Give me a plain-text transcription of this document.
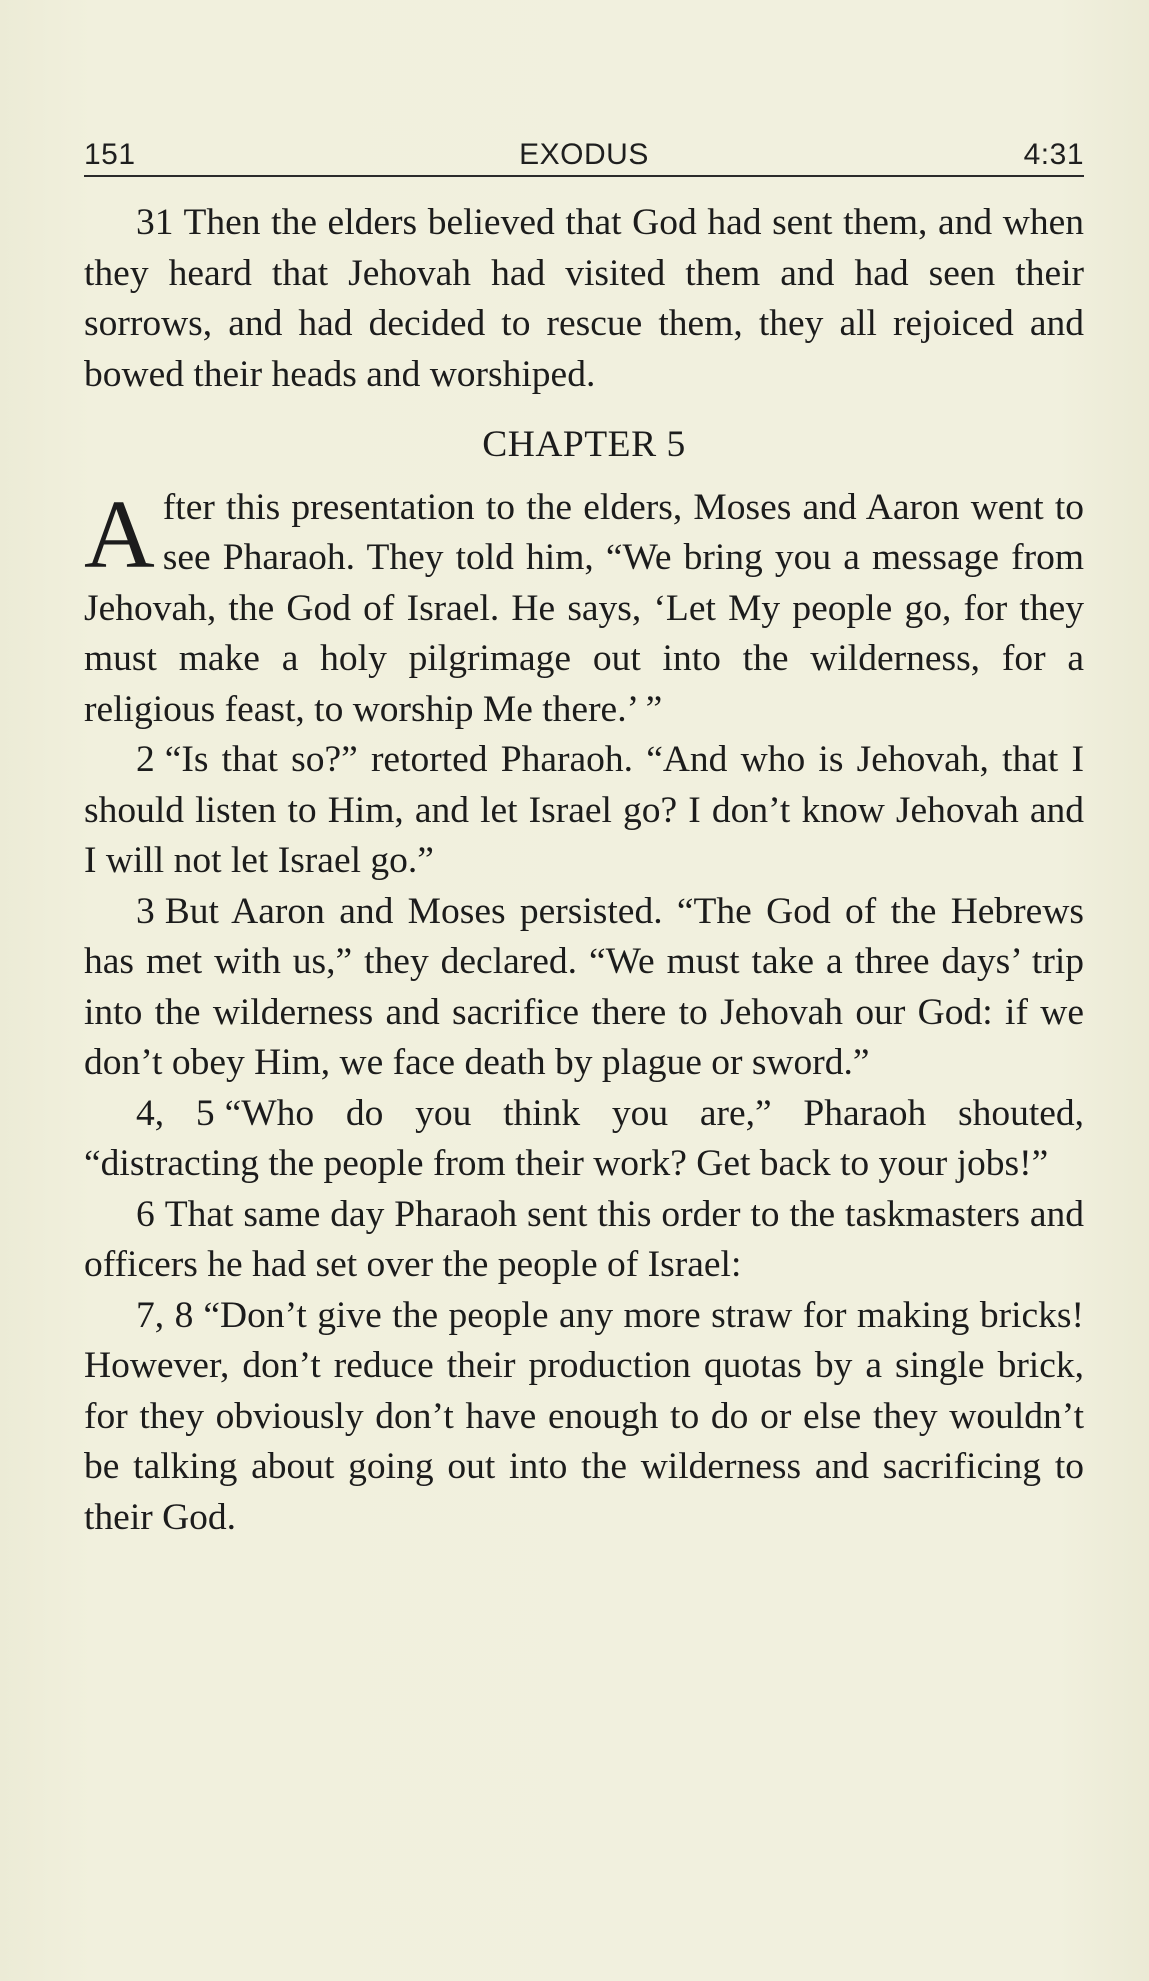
151	EXODUS	4:31

31 Then the elders believed that God had sent them, and when they heard that Jehovah had visited them and had seen their sorrows, and had decided to rescue them, they all rejoiced and bowed their heads and worshiped.

CHAPTER 5

After this presentation to the elders, Moses and Aaron went to see Pharaoh. They told him, “We bring you a message from Jehovah, the God of Israel. He says, ‘Let My people go, for they must make a holy pilgrimage out into the wilderness, for a religious feast, to worship Me there.’ ”

2 “Is that so?” retorted Pharaoh. “And who is Jehovah, that I should listen to Him, and let Israel go? I don’t know Jehovah and I will not let Israel go.”

3 But Aaron and Moses persisted. “The God of the Hebrews has met with us,” they declared. “We must take a three days’ trip into the wilderness and sacrifice there to Jehovah our God: if we don’t obey Him, we face death by plague or sword.”

4, 5 “Who do you think you are,” Pharaoh shouted, “distracting the people from their work? Get back to your jobs!”

6 That same day Pharaoh sent this order to the taskmasters and officers he had set over the people of Israel:

7, 8 “Don’t give the people any more straw for making bricks! However, don’t reduce their production quotas by a single brick, for they obviously don’t have enough to do or else they wouldn’t be talking about going out into the wilderness and sacrificing to their God.
